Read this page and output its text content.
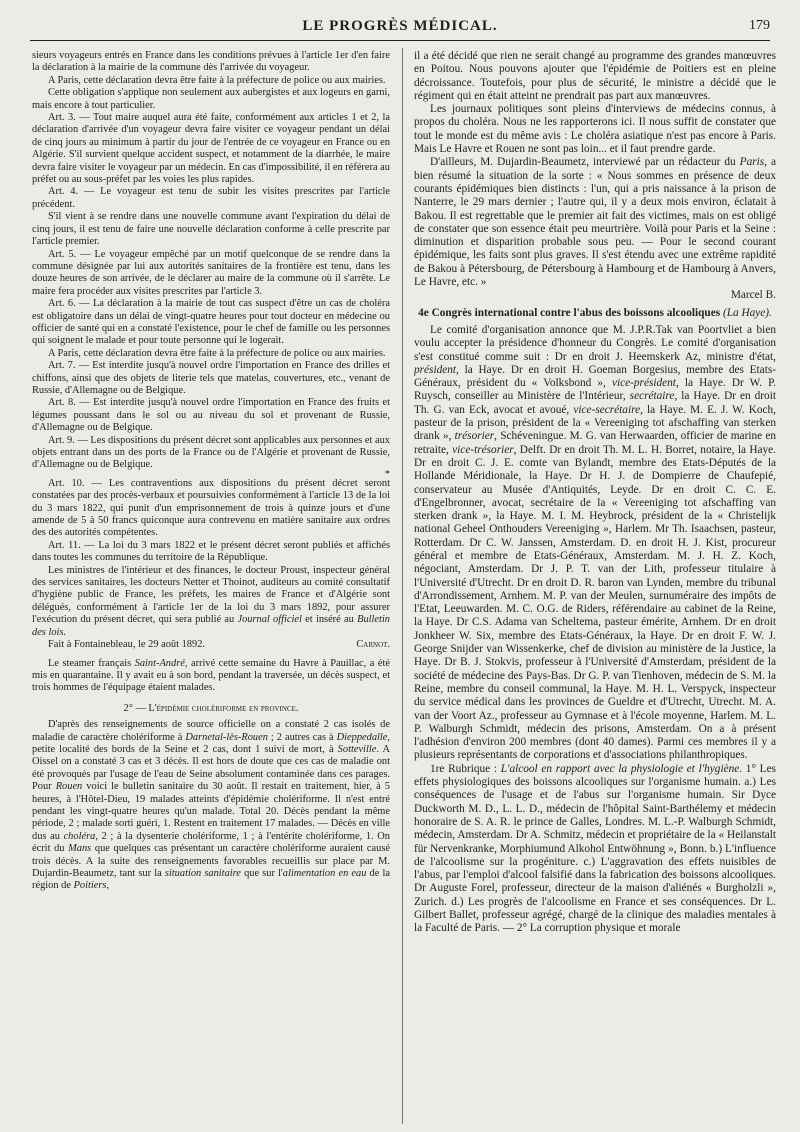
LE PROGRÈS MÉDICAL.	179

sieurs voyageurs entrés en France dans les conditions prévues à l'article 1er d'en faire la déclaration à la mairie de la commune dès l'arrivée du voyageur.

A Paris, cette déclaration devra être faite à la préfecture de police ou aux mairies.

Cette obligation s'applique non seulement aux aubergistes et aux logeurs en garni, mais encore à tout particulier.

Art. 3. — Tout maire auquel aura été faite, conformément aux articles 1 et 2, la déclaration d'arrivée d'un voyageur devra faire visiter ce voyageur pendant un délai de cinq jours au minimum à partir du jour de l'entrée de ce voyageur en France ou en Algérie. S'il survient quelque accident suspect, et notamment de la diarrhée, le maire devra faire visiter le voyageur par un médecin. En cas d'impossibilité, il en référera au préfet ou au sous-préfet par les voies les plus rapides.

Art. 4. — Le voyageur est tenu de subir les visites prescrites par l'article précédent.

S'il vient à se rendre dans une nouvelle commune avant l'expiration du délai de cinq jours, il est tenu de faire une nouvelle déclaration conforme à celle prescrite par l'article premier.

Art. 5. — Le voyageur empêché par un motif quelconque de se rendre dans la commune désignée par lui aux autorités sanitaires de la frontière est tenu, dans les douze heures de son arrivée, de le déclarer au maire de la commune où il s'arrête. Le maire fera procéder aux visites prescrites par l'article 3.

Art. 6. — La déclaration à la mairie de tout cas suspect d'être un cas de choléra est obligatoire dans un délai de vingt-quatre heures pour tout docteur en médecine ou officier de santé qui en a constaté l'existence, pour le chef de famille ou les personnes qui soignent le malade et pour toute personne qui le logerait.

A Paris, cette déclaration devra être faite à la préfecture de police ou aux mairies.

Art. 7. — Est interdite jusqu'à nouvel ordre l'importation en France des drilles et chiffons, ainsi que des objets de literie tels que matelas, couvertures, etc., venant de Russie, d'Allemagne ou de Belgique.

Art. 8. — Est interdite jusqu'à nouvel ordre l'importation en France des fruits et légumes poussant dans le sol ou au niveau du sol et provenant de Russie, d'Allemagne ou de Belgique.

Art. 9. — Les dispositions du présent décret sont applicables aux personnes et aux objets entrant dans un des ports de la France ou de l'Algérie et provenant de Russie, d'Allemagne ou de Belgique.

*

Art. 10. — Les contraventions aux dispositions du présent décret seront constatées par des procès-verbaux et poursuivies conformément à l'article 13 de la loi du 3 mars 1822, qui punit d'un emprisonnement de trois à quinze jours et d'une amende de 5 à 50 francs quiconque aura contrevenu en matière sanitaire aux ordres des des autorités compétentes.

Art. 11. — La loi du 3 mars 1822 et le présent décret seront publiés et affichés dans toutes les communes du territoire de la République.

Les ministres de l'intérieur et des finances, le docteur Proust, inspecteur général des services sanitaires, les docteurs Netter et Thoinot, auditeurs au comité consultatif d'hygiène public de France, les préfets, les maires de France et d'Algérie sont délégués, conformément à l'article 1er de la loi du 3 mars 1892, pour assurer l'exécution du présent décret, qui sera publié au Journal officiel et inséré au Bulletin des lois.

Fait à Fontainebleau, le 29 août 1892.	Carnot.

Le steamer français Saint-André, arrivé cette semaine du Havre à Pauillac, a été mis en quarantaine. Il y avait eu à son bord, pendant la traversée, un décès suspect, et trois hommes de l'équipage étaient malades.

2° — L'épidémie cholériforme en province.

D'après des renseignements de source officielle on a constaté 2 cas isolés de maladie de caractère cholériforme à Darnetal-lès-Rouen ; 2 autres cas à Dieppedalle, petite localité des bords de la Seine et 2 cas, dont 1 suivi de mort, à Sotteville. A Oissel on a constaté 3 cas et 3 décès. Il est hors de doute que ces cas de maladie ont été provoqués par l'usage de l'eau de Seine absolument contaminée dans ces parages. Pour Rouen voici le bulletin sanitaire du 30 août. Il restait en traitement, hier, à 5 heures, à l'Hôtel-Dieu, 19 malades atteints d'épidémie cholériforme. Il n'est entré pendant les vingt-quatre heures qu'un malade. Total 20. Décès pendant la même période, 2 ; malade sorti guéri, 1. Restent en traitement 17 malades. — Décès en ville dus au choléra, 2 ; à la dysenterie cholériforme, 1 ; à l'entérite cholériforme, 1. On écrit du Mans que quelques cas présentant un caractère cholériforme auraient causé trois décès. A la suite des renseignements favorables recueillis sur place par M. Dujardin-Beaumetz, tant sur la situation sanitaire que sur l'alimentation en eau de la région de Poitiers,

il a été décidé que rien ne serait changé au programme des grandes manœuvres en Poitou. Nous pouvons ajouter que l'épidémie de Poitiers est en pleine décroissance. Toutefois, pour plus de sécurité, le ministre a décidé que le régiment qui en était atteint ne prendrait pas part aux manœuvres.

Les journaux politiques sont pleins d'interviews de médecins connus, à propos du choléra. Nous ne les rapporterons ici. Il nous suffit de constater que tout le monde est du même avis : Le choléra asiatique n'est pas encore à Paris. Mais Le Havre et Rouen ne sont pas loin... et il faut prendre garde.

D'ailleurs, M. Dujardin-Beaumetz, interviewé par un rédacteur du Paris, a bien résumé la situation de la sorte : « Nous sommes en présence de deux courants épidémiques bien distincts : l'un, qui a pris naissance à la prison de Nanterre, le 29 mars dernier ; l'autre qui, il y a deux mois environ, éclatait à Bakou. Il est regrettable que le premier ait fait des victimes, mais on est obligé de constater que son essence était peu meurtrière. Voilà pour Paris et la Seine : diminution et disparition probable sous peu. — Pour le second courant épidémique, les faits sont plus graves. Il s'est étendu avec une extrême rapidité de Bakou à Pétersbourg, de Pétersbourg à Hambourg et de Hambourg à Anvers, Le Havre, etc. »

Marcel B.

4e Congrès international contre l'abus des boissons alcooliques (La Haye).

Le comité d'organisation annonce que M. J.P.R.Tak van Poortvliet a bien voulu accepter la présidence d'honneur du Congrès. Le comité d'organisation s'est constitué comme suit : Dr en droit J. Heemskerk Az, ministre d'état, président, la Haye. Dr en droit H. Goeman Borgesius, membre des Etats-Généraux, président du « Volksbond », vice-président, la Haye. Dr W. P. Ruysch, conseiller au Ministère de l'Intérieur, secrétaire, la Haye. Dr en droit Th. G. van Eck, avocat et avoué, vice-secrétaire, la Haye. M. E. J. W. Koch, pasteur de la prison, président de la « Vereeniging tot afschaffing van sterken drank », trésorier, Schéveningue. M. G. van Herwaarden, officier de marine en retraite, vice-trésorier, Delft. Dr en droit Th. M. L. H. Borret, notaire, la Haye. Dr en droit C. J. E. comte van Bylandt, membre des Etats-Députés de la Hollande Méridionale, la Haye. Dr H. J. de Dompierre de Chaufepié, conservateur au Musée d'Antiquités, Leyde. Dr en droit C. C. E. d'Engelbronner, avocat, secrétaire de la « Vereeniging tot afschaffing van sterken drank », la Haye. M. I. M. Heybrock, président de la « Christelijk national Geheel Onthouders Vereeniging », Harlem. Mr Th. Isaachsen, pasteur, Rotterdam. Dr C. W. Janssen, Amsterdam. D. en droit H. J. Kist, procureur général et membre de Etats-Généraux, Amsterdam. M. J. H. Z. Koch, négociant, Amsterdam. Dr J. P. T. van der Lith, professeur titulaire à l'Université d'Utrecht. Dr en droit D. R. baron van Lynden, membre du tribunal d'Arrondissement, Arnhem. M. P. van der Meulen, surnuméraire des impôts de l'Etat, Leeuwarden. M. C. O.G. de Riders, référendaire au cabinet de la Reine, la Haye. Dr C.S. Adama van Scheltema, pasteur émérite, Arnhem. Dr en droit Jonkheer W. Six, membre des Etats-Généraux, la Haye. Dr en droit F. W. J. George Snijder van Wissenkerke, chef de division au ministère de la Justice, la Haye. Dr B. J. Stokvis, professeur à l'Université d'Amsterdam, président de la société de médecine des Pays-Bas. Dr G. P. van Tienhoven, médecin de S. M. la Reine, membre du conseil communal, la Haye. M. H. L. Verspyck, inspecteur du service médical dans les provinces de Gueldre et d'Utrecht, Utrecht. M. A. van der Voort Az., professeur au Gymnase et à l'école moyenne, Harlem. M. L. P. Walburgh Schmidt, médecin des prisons, Amsterdam. On a à présent l'adhésion d'environ 200 membres (dont 40 dames). Parmi ces membres il y a plusieurs représentants de corporations et d'associations philanthropiques.

1re Rubrique : L'alcool en rapport avec la physiologie et l'hygiène. 1° Les effets physiologiques des boissons alcooliques sur l'organisme humain. a.) Les conséquences de l'usage et de l'abus sur l'organisme humain. Sir Dyce Duckworth M. D., L. L. D., médecin de l'hôpital Saint-Barthélemy et médecin honoraire de S. A. R. le prince de Galles, Londres. M. L.-P. Walburgh Schmidt, médecin, Amsterdam. Dr A. Schmitz, médecin et propriétaire de la « Heilanstalt für Nervenkranke, Morphiumund Alkohol Entwöhnung », Bonn. b.) L'influence de l'alcoolisme sur la progéniture. c.) L'aggravation des effets nuisibles de l'abus, par l'emploi d'alcool falsifié dans la fabrication des boissons alcooliques. Dr Auguste Forel, professeur, directeur de la maison d'aliénés « Burgholzli », Zurich. d.) Les progrès de l'alcoolisme en France et ses conséquences. Dr L. Gilbert Ballet, professeur agrégé, chargé de la clinique des maladies mentales à la Faculté de Paris. — 2° La corruption physique et morale
